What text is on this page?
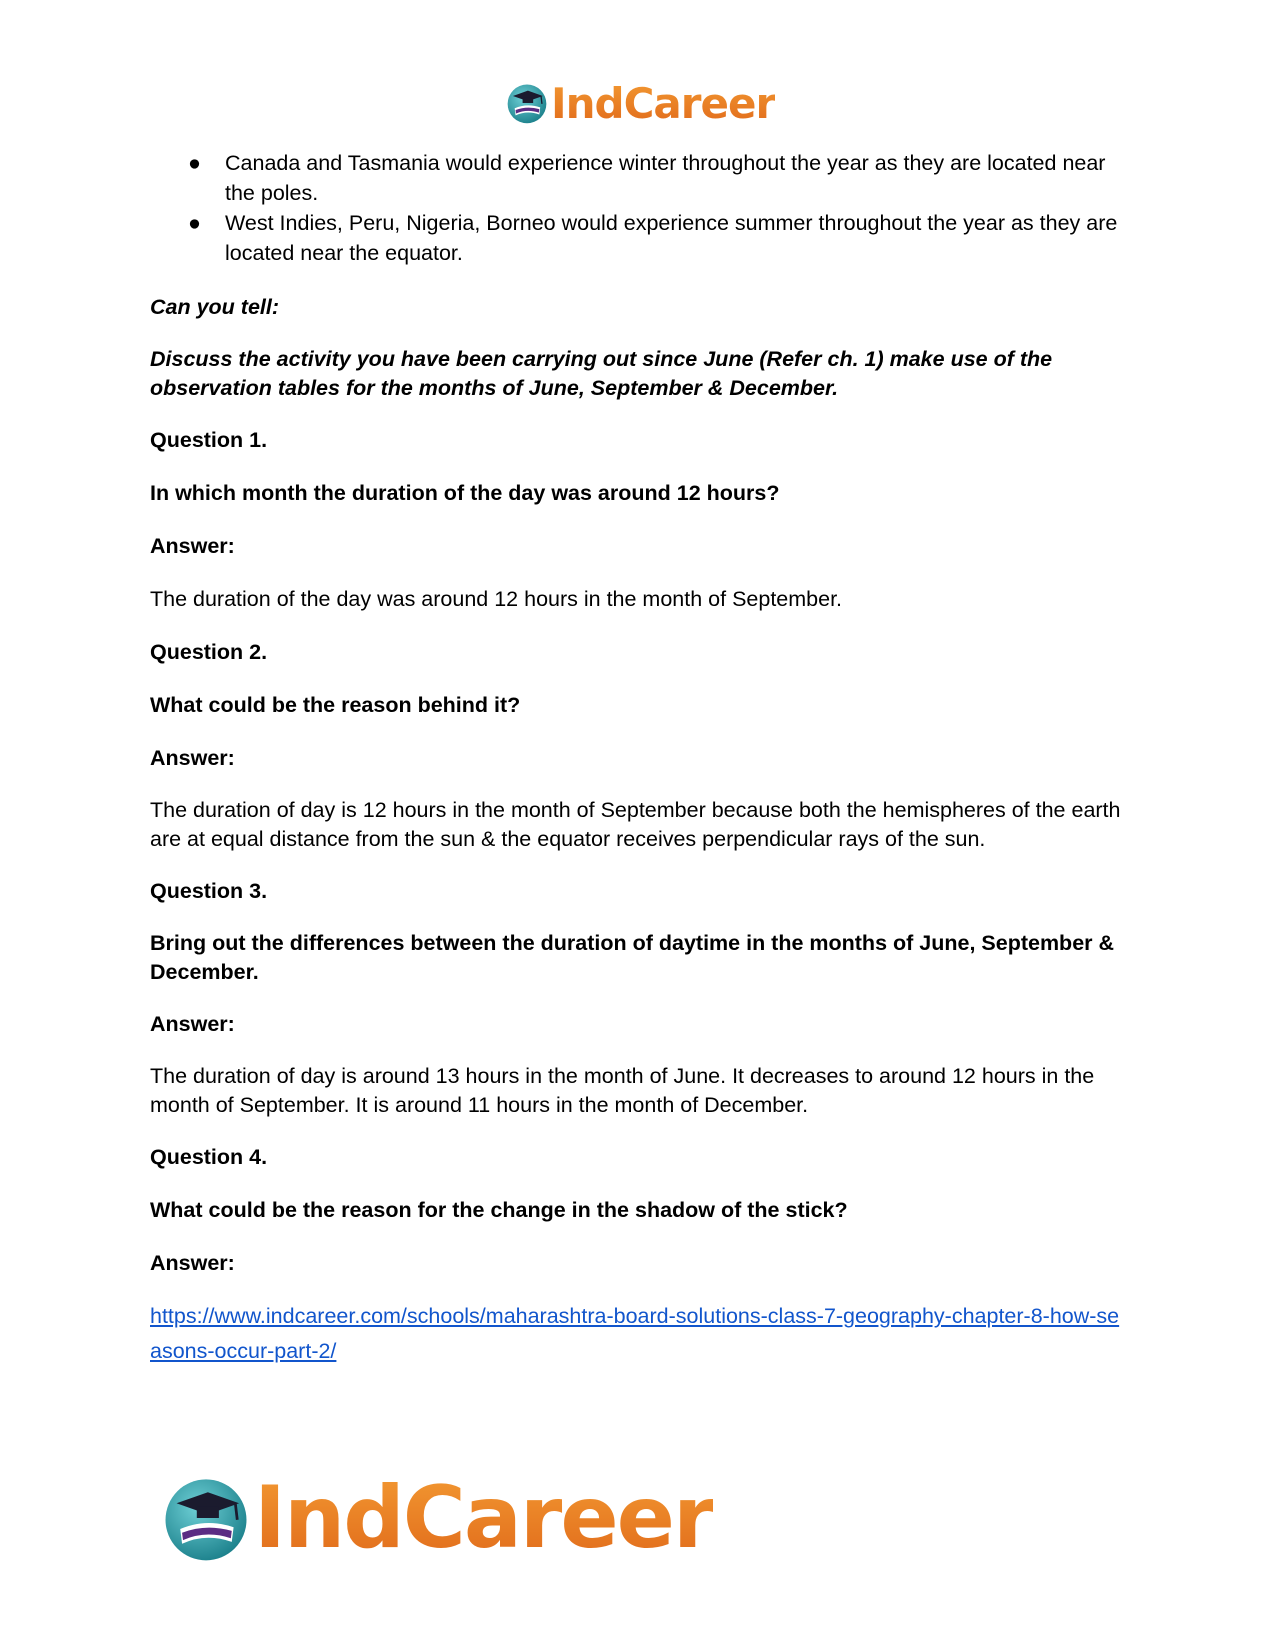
IndCareer
● Canada and Tasmania would experience winter throughout the year as they are located near the poles.
● West Indies, Peru, Nigeria, Borneo would experience summer throughout the year as they are located near the equator.

Can you tell:

Discuss the activity you have been carrying out since June (Refer ch. 1) make use of the observation tables for the months of June, September & December.

Question 1.

In which month the duration of the day was around 12 hours?

Answer:

The duration of the day was around 12 hours in the month of September.

Question 2.

What could be the reason behind it?

Answer:

The duration of day is 12 hours in the month of September because both the hemispheres of the earth are at equal distance from the sun & the equator receives perpendicular rays of the sun.

Question 3.

Bring out the differences between the duration of daytime in the months of June, September & December.

Answer:

The duration of day is around 13 hours in the month of June. It decreases to around 12 hours in the month of September. It is around 11 hours in the month of December.

Question 4.

What could be the reason for the change in the shadow of the stick?

Answer:

https://www.indcareer.com/schools/maharashtra-board-solutions-class-7-geography-chapter-8-how-seasons-occur-part-2/
IndCareer
